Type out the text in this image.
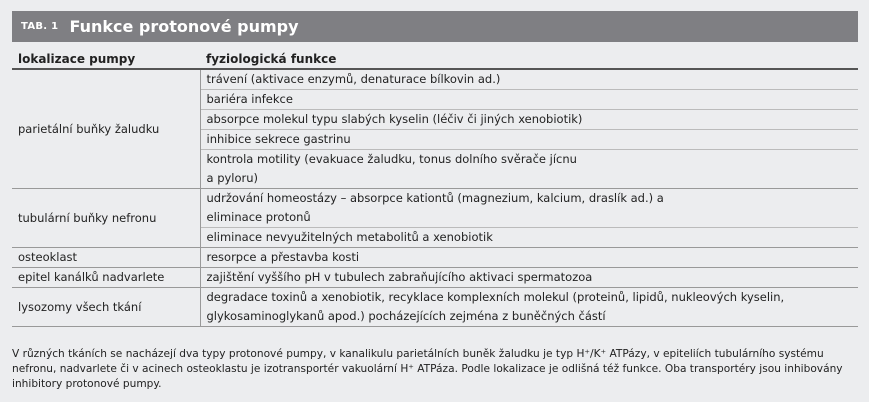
TAB. 1 Funkce protonové pumpy
lokalizace pumpy	fyziologická funkce
parietální buňky žaludku	trávení (aktivace enzymů, denaturace bílkovin ad.)
	bariéra infekce
	absorpce molekul typu slabých kyselin (léčiv či jiných xenobiotik)
	inhibice sekrece gastrinu
	kontrola motility (evakuace žaludku, tonus dolního svěrače jícnu a pyloru)
tubulární buňky nefronu	udržování homeostázy – absorpce kationtů (magnezium, kalcium, draslík ad.) a eliminace protonů
	eliminace nevyužitelných metabolitů a xenobiotik
osteoklast	resorpce a přestavba kosti
epitel kanálků nadvarlete	zajištění vyššího pH v tubulech zabraňujícího aktivaci spermatozoa
lysozomy všech tkání	degradace toxinů a xenobiotik, recyklace komplexních molekul (proteinů, lipidů, nukleových kyselin, glykosaminoglykanů apod.) pocházejících zejména z buněčných částí
V různých tkáních se nacházejí dva typy protonové pumpy, v kanalikulu parietálních buněk žaludku je typ H⁺/K⁺ ATPázy, v epiteliích tubulárního systému nefronu, nadvarlete či v acinech osteoklastu je izotransportér vakuolární H⁺ ATPáza. Podle lokalizace je odlišná též funkce. Oba transportéry jsou inhibovány inhibitory protonové pumpy.
